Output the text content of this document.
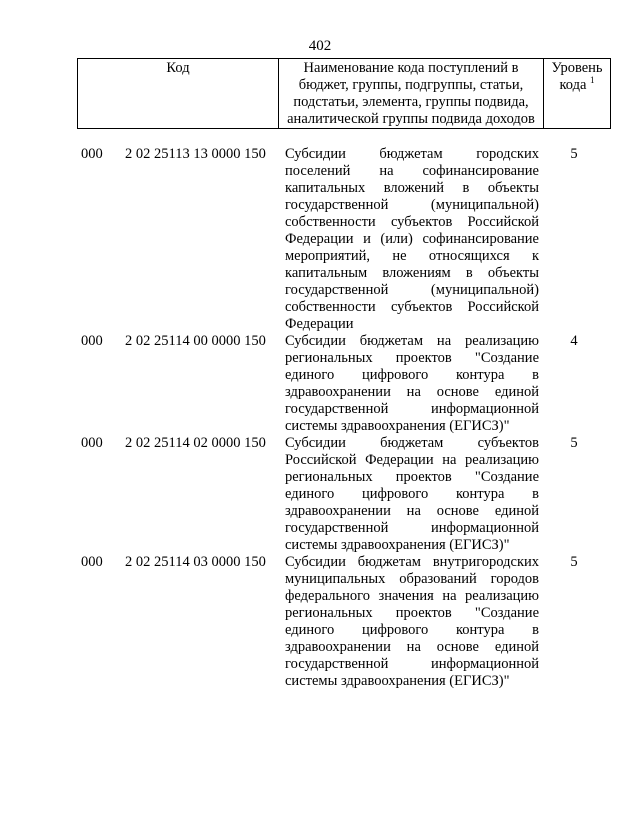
402
Код	Наименование кода поступлений в бюджет, группы, подгруппы, статьи, подстатьи, элемента, группы подвида, аналитической группы подвида доходов	Уровень кода $^1$
000	2 02 25113 13 0000 150	Субсидии бюджетам городских поселений на софинансирование капитальных вложений в объекты государственной (муниципальной) собственности субъектов Российской Федерации и (или) софинансирование мероприятий, не относящихся к капитальным вложениям в объекты государственной (муниципальной) собственности субъектов Российской Федерации	5
000	2 02 25114 00 0000 150	Субсидии бюджетам на реализацию региональных проектов "Создание единого цифрового контура в здравоохранении на основе единой государственной информационной системы здравоохранения (ЕГИСЗ)"	4
000	2 02 25114 02 0000 150	Субсидии бюджетам субъектов Российской Федерации на реализацию региональных проектов "Создание единого цифрового контура в здравоохранении на основе единой государственной информационной системы здравоохранения (ЕГИСЗ)"	5
000	2 02 25114 03 0000 150	Субсидии бюджетам внутригородских муниципальных образований городов федерального значения на реализацию региональных проектов "Создание единого цифрового контура в здравоохранении на основе единой государственной информационной системы здравоохранения (ЕГИСЗ)"	5
